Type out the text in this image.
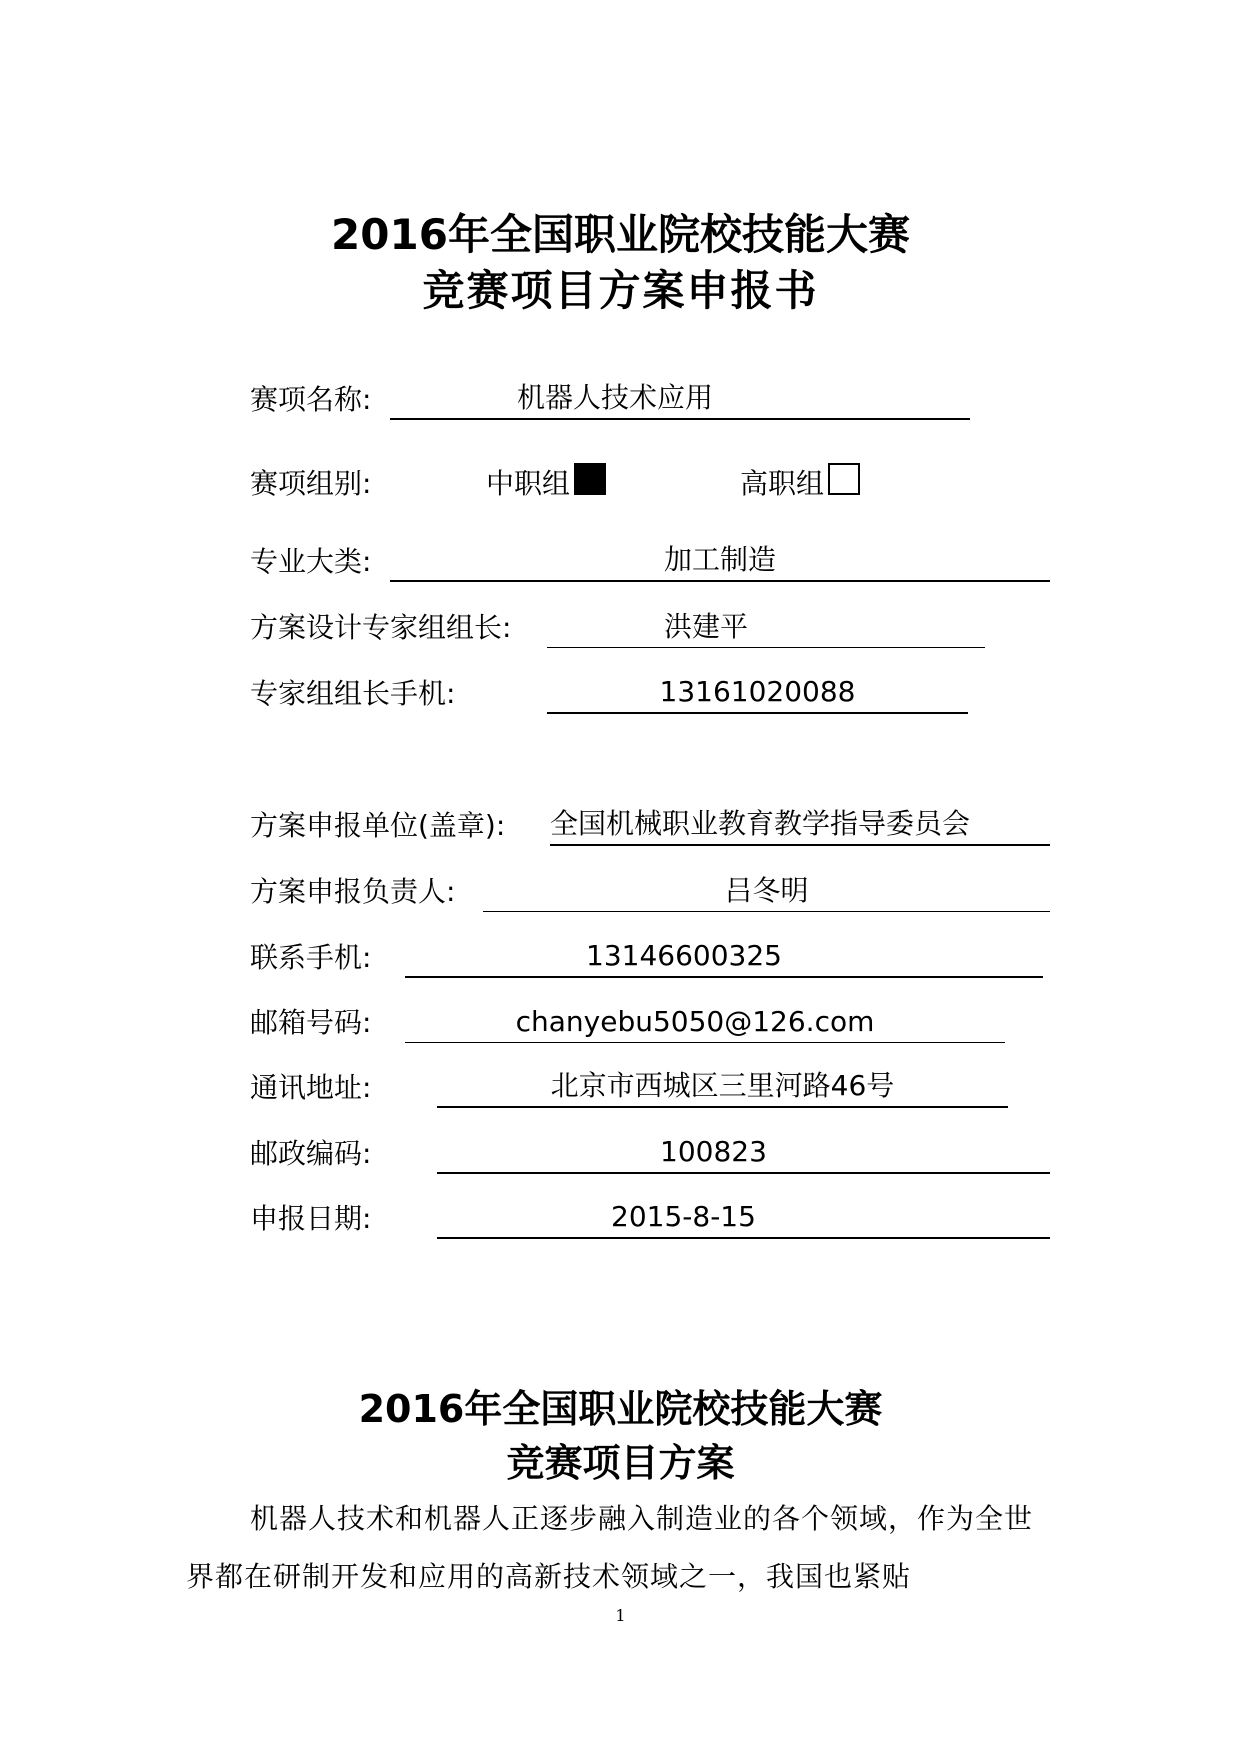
2016年全国职业院校技能大赛
竞赛项目方案申报书
赛项名称:	机器人技术应用
赛项组别:	中职组	高职组
专业大类:	加工制造
方案设计专家组组长:	洪建平
专家组组长手机:	13161020088
方案申报单位(盖章): 全国机械职业教育教学指导委员会
方案申报负责人:	吕冬明
联系手机:	13146600325
邮箱号码:	chanyebu5050@126.com
通讯地址:	北京市西城区三里河路46号
邮政编码:	100823
申报日期:	2015-8-15
2016年全国职业院校技能大赛
竞赛项目方案
机器人技术和机器人正逐步融入制造业的各个领域，作为全世界都在研制开发和应用的高新技术领域之一，我国也紧贴
1
